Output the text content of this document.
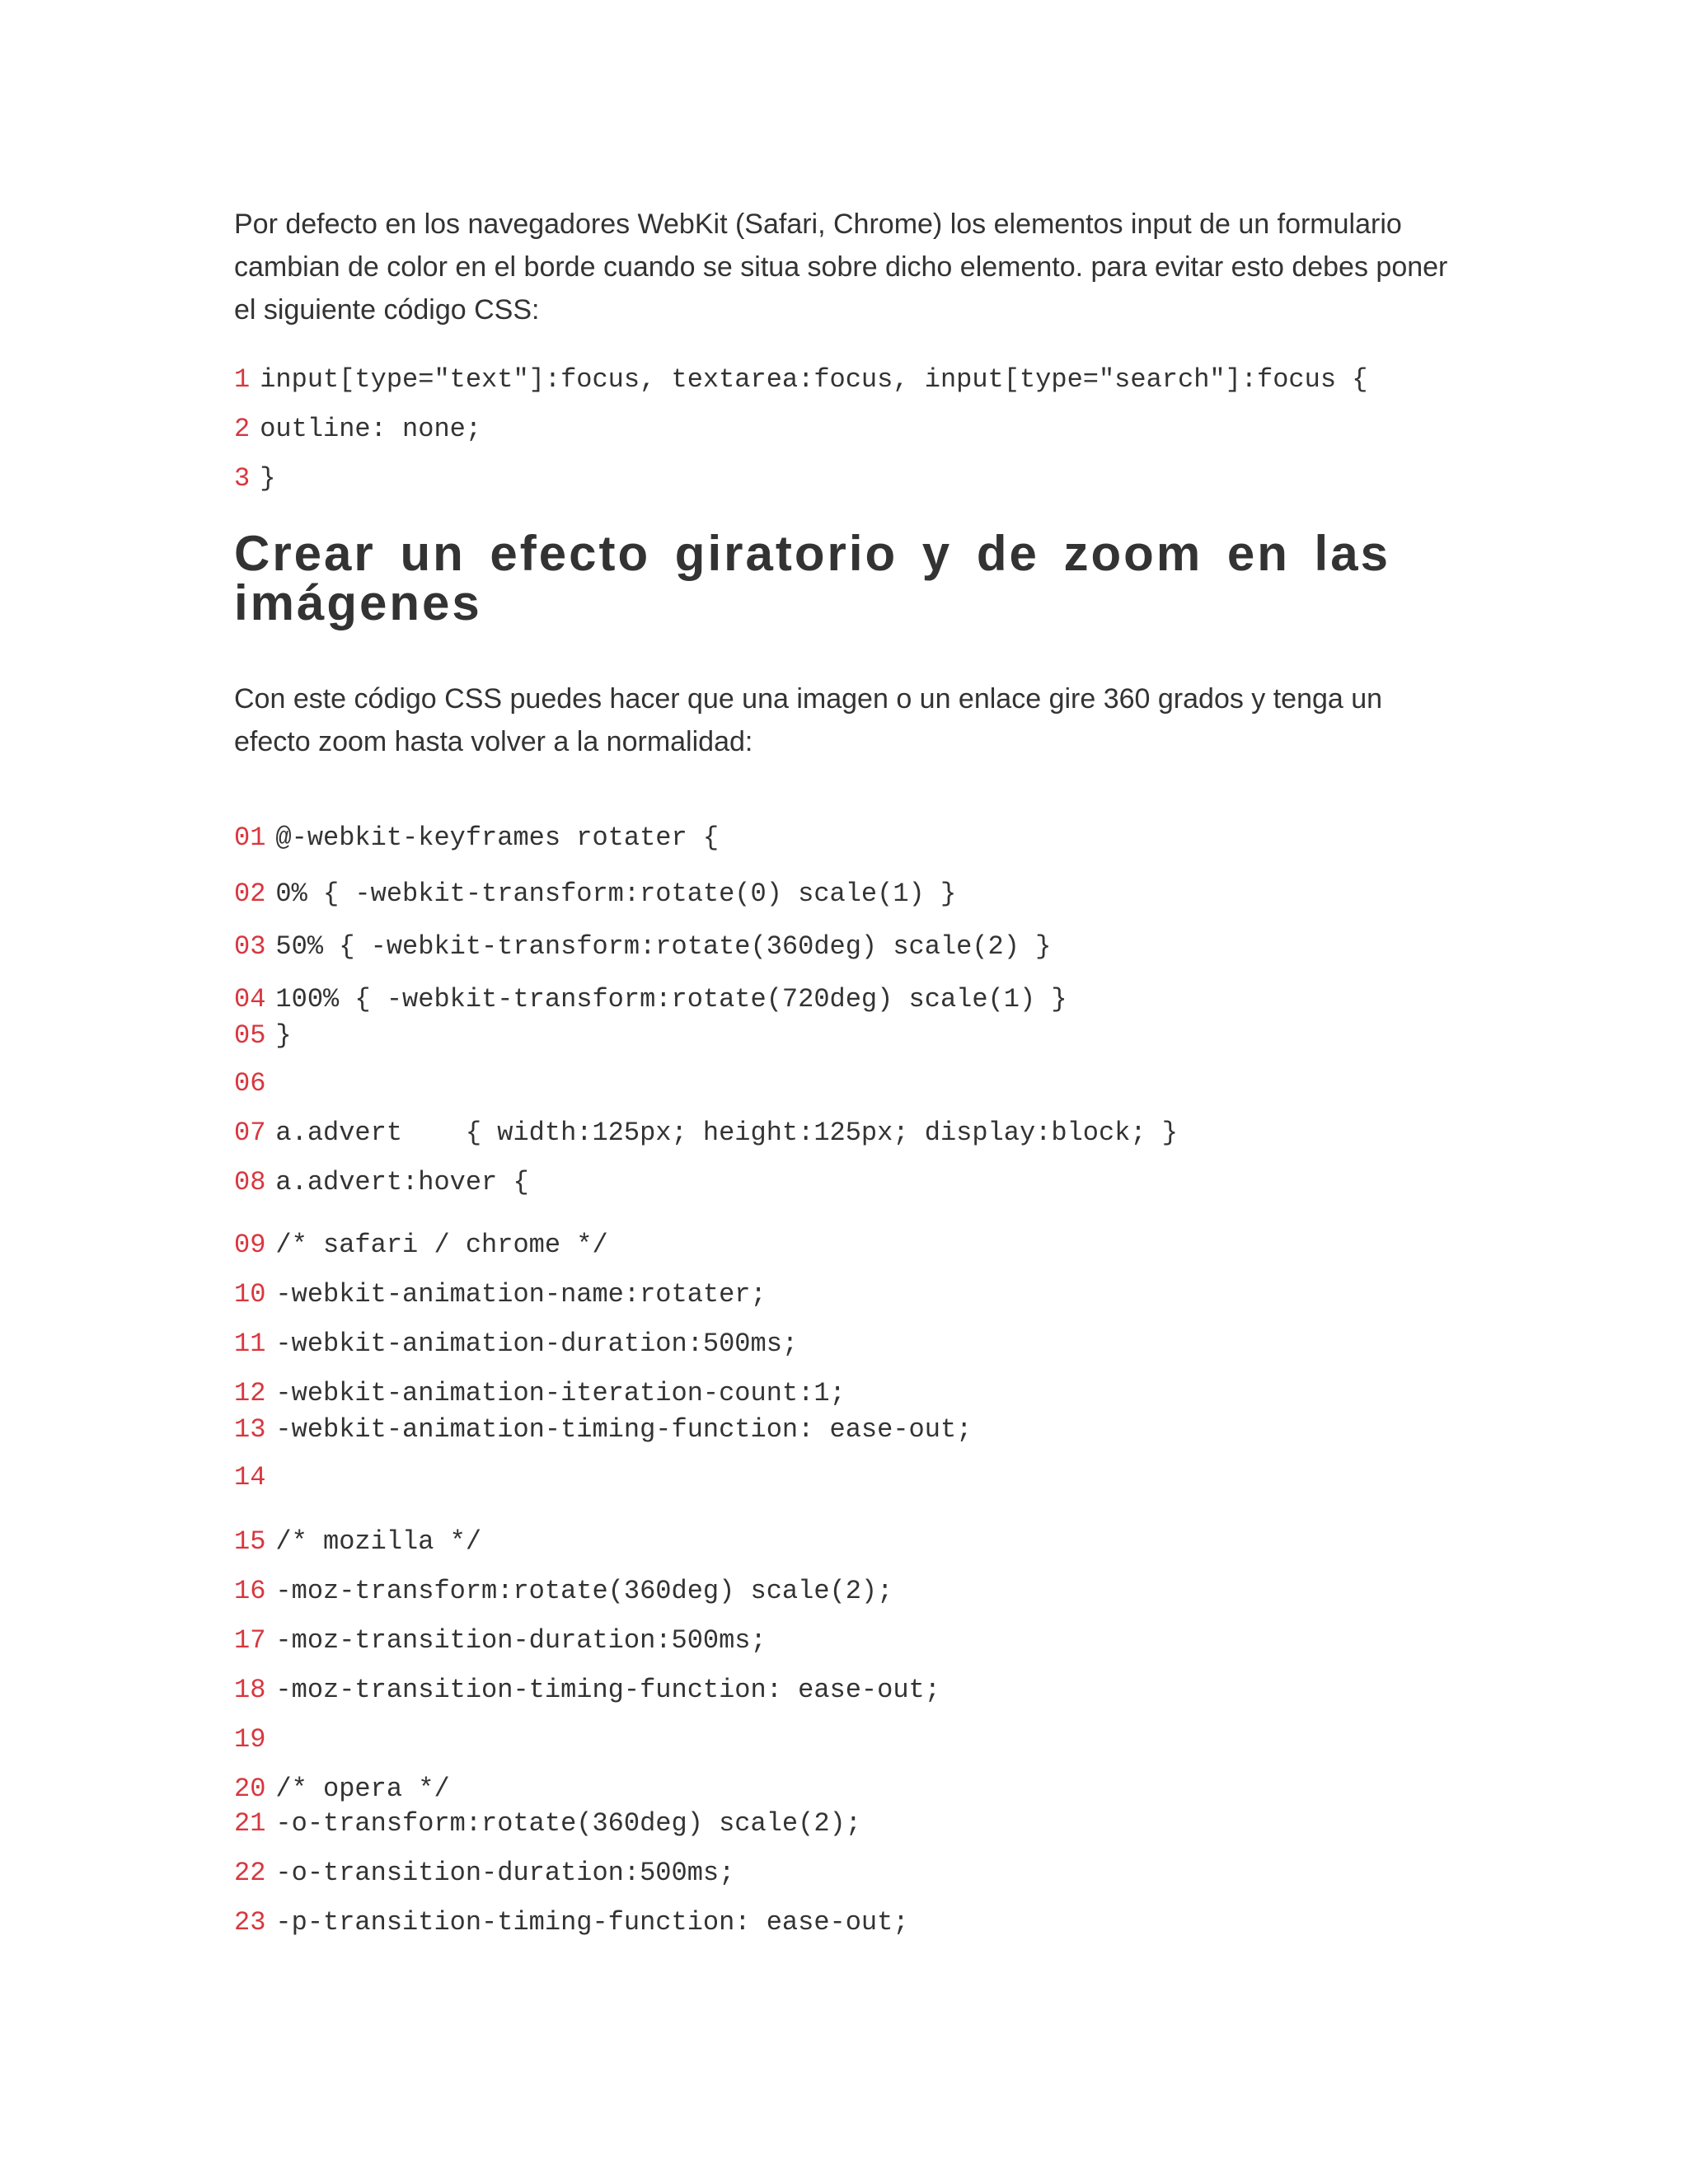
Por defecto en los navegadores WebKit (Safari, Chrome) los elementos input de un formulario cambian de color en el borde cuando se situa sobre dicho elemento. para evitar esto debes poner el siguiente código CSS:

1 input[type="text"]:focus, textarea:focus, input[type="search"]:focus {
2 outline: none;
3 }
Crear un efecto giratorio y de zoom en las imágenes

Con este código CSS puedes hacer que una imagen o un enlace gire 360 grados y tenga un efecto zoom hasta volver a la normalidad:

01 @-webkit-keyframes rotater {
02 0% { -webkit-transform:rotate(0) scale(1) }
03 50% { -webkit-transform:rotate(360deg) scale(2) }
04 100% { -webkit-transform:rotate(720deg) scale(1) }
05 }
06
07 a.advert    { width:125px; height:125px; display:block; }
08 a.advert:hover {
09 /* safari / chrome */
10 -webkit-animation-name:rotater;
11 -webkit-animation-duration:500ms;
12 -webkit-animation-iteration-count:1;
13 -webkit-animation-timing-function: ease-out;
14
15 /* mozilla */
16 -moz-transform:rotate(360deg) scale(2);
17 -moz-transition-duration:500ms;
18 -moz-transition-timing-function: ease-out;
19
20 /* opera */
21 -o-transform:rotate(360deg) scale(2);
22 -o-transition-duration:500ms;
23 -p-transition-timing-function: ease-out;
